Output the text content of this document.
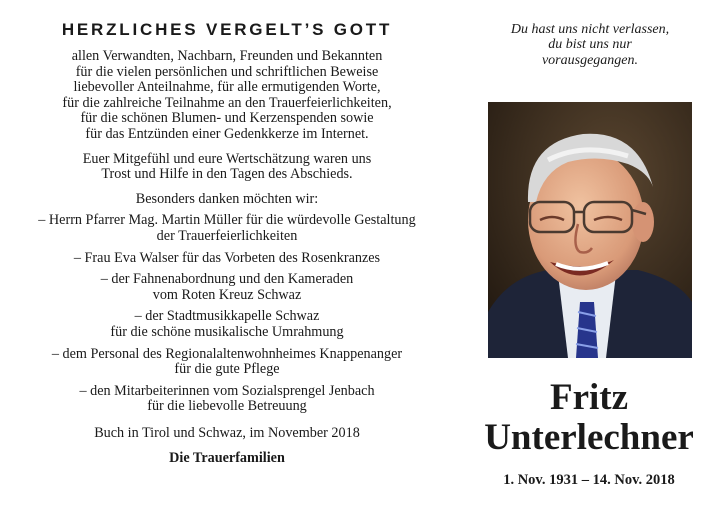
HERZLICHES VERGELT’S GOTT
allen Verwandten, Nachbarn, Freunden und Bekannten
für die vielen persönlichen und schriftlichen Beweise
liebevoller Anteilnahme, für alle ermutigenden Worte,
für die zahlreiche Teilnahme an den Trauerfeierlichkeiten,
für die schönen Blumen- und Kerzenspenden sowie
für das Entzünden einer Gedenkkerze im Internet.
Euer Mitgefühl und eure Wertschätzung waren uns
Trost und Hilfe in den Tagen des Abschieds.
Besonders danken möchten wir:
– Herrn Pfarrer Mag. Martin Müller für die würdevolle Gestaltung
der Trauerfeierlichkeiten
– Frau Eva Walser für das Vorbeten des Rosenkranzes
– der Fahnenabordnung und den Kameraden
vom Roten Kreuz Schwaz
– der Stadtmusikkapelle Schwaz
für die schöne musikalische Umrahmung
– dem Personal des Regionalaltenwohnheimes Knappenanger
für die gute Pflege
– den Mitarbeiterinnen vom Sozialsprengel Jenbach
für die liebevolle Betreuung
Buch in Tirol und Schwaz, im November 2018
Die Trauerfamilien
Du hast uns nicht verlassen,
du bist uns nur
vorausgegangen.
Fritz
Unterlechner
1. Nov. 1931 – 14. Nov. 2018
